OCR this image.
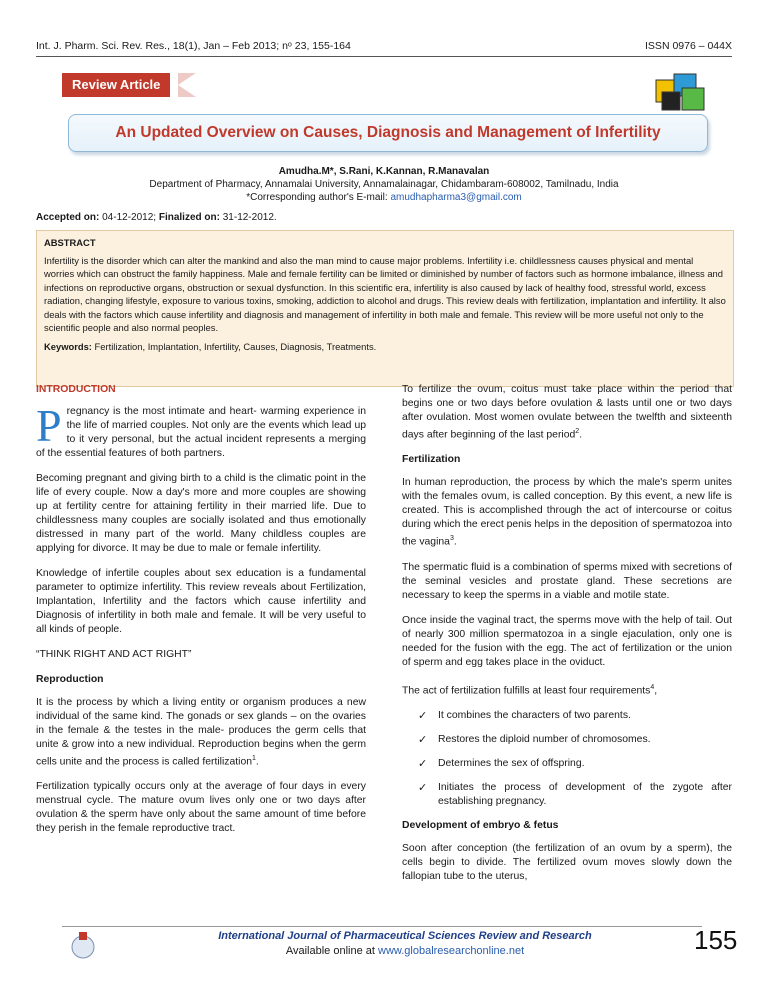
Int. J. Pharm. Sci. Rev. Res., 18(1), Jan – Feb 2013; nᵒ 23, 155-164	ISSN 0976 – 044X
Review Article
An Updated Overview on Causes, Diagnosis and Management of Infertility
Amudha.M*, S.Rani, K.Kannan, R.Manavalan
Department of Pharmacy, Annamalai University, Annamalainagar, Chidambaram-608002, Tamilnadu, India
*Corresponding author's E-mail: amudhapharma3@gmail.com
Accepted on: 04-12-2012; Finalized on: 31-12-2012.
ABSTRACT
Infertility is the disorder which can alter the mankind and also the man mind to cause major problems. Infertility i.e. childlessness causes physical and mental worries which can obstruct the family happiness. Male and female fertility can be limited or diminished by number of factors such as hormone imbalance, illness and infections on reproductive organs, obstruction or sexual dysfunction. In this scientific era, infertility is also caused by lack of healthy food, stressful world, excess radiation, changing lifestyle, exposure to various toxins, smoking, addiction to alcohol and drugs. This review deals with fertilization, implantation and infertility. It also deals with the factors which cause infertility and diagnosis and management of infertility in both male and female. This review will be more useful not only to the scientific people and also normal peoples.
Keywords: Fertilization, Implantation, Infertility, Causes, Diagnosis, Treatments.
INTRODUCTION

Pregnancy is the most intimate and heart- warming experience in the life of married couples. Not only are the events which lead up to it very personal, but the actual incident represents a merging of the essential features of both partners.

Becoming pregnant and giving birth to a child is the climatic point in the life of every couple. Now a day's more and more couples are showing up at fertility centre for attaining fertility in their married life. Due to childlessness many couples are socially isolated and thus emotionally distressed in many part of the world. Many childless couples are applying for divorce. It may be due to male or female infertility.

Knowledge of infertile couples about sex education is a fundamental parameter to optimize infertility. This review reveals about Fertilization, Implantation, Infertility and the factors which cause infertility and Diagnosis of infertility in both male and female. It will be very useful to all kinds of people.

“THINK RIGHT AND ACT RIGHT”

Reproduction

It is the process by which a living entity or organism produces a new individual of the same kind. The gonads or sex glands – on the ovaries in the female & the testes in the male- produces the germ cells that unite & grow into a new individual. Reproduction begins when the germ cells unite and the process is called fertilization$^1$.

Fertilization typically occurs only at the average of four days in every menstrual cycle. The mature ovum lives only one or two days after ovulation & the sperm have only about the same amount of time before they perish in the female reproductive tract.

To fertilize the ovum, coitus must take place within the period that begins one or two days before ovulation & lasts until one or two days after ovulation. Most women ovulate between the twelfth and sixteenth days after beginning of the last period$^2$.

Fertilization

In human reproduction, the process by which the male's sperm unites with the females ovum, is called conception. By this event, a new life is created. This is accomplished through the act of intercourse or coitus during which the erect penis helps in the deposition of spermatozoa into the vagina$^3$.

The spermatic fluid is a combination of sperms mixed with secretions of the seminal vesicles and prostate gland. These secretions are necessary to keep the sperms in a viable and motile state.

Once inside the vaginal tract, the sperms move with the help of tail. Out of nearly 300 million spermatozoa in a single ejaculation, only one is needed for the fusion with the egg. The act of fertilization or the union of sperm and egg takes place in the oviduct.

The act of fertilization fulfills at least four requirements$^4$,

✓ It combines the characters of two parents.
✓ Restores the diploid number of chromosomes.
✓ Determines the sex of offspring.
✓ Initiates the process of development of the zygote after establishing pregnancy.
Development of embryo & fetus

Soon after conception (the fertilization of an ovum by a sperm), the cells begin to divide. The fertilized ovum moves slowly down the fallopian tube to the uterus,

International Journal of Pharmaceutical Sciences Review and Research
Available online at www.globalresearchonline.net	155
